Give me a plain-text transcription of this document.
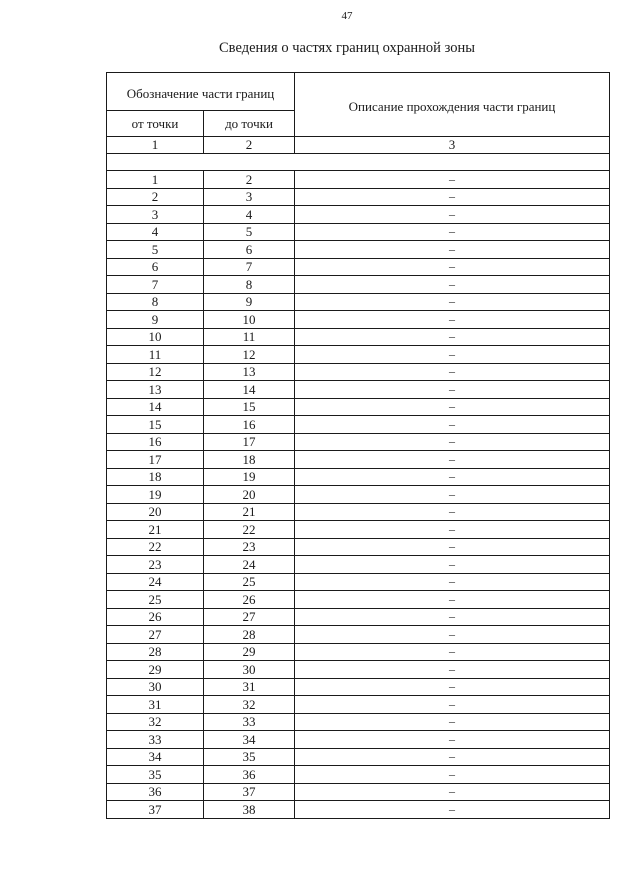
47
Сведения о частях границ охранной зоны
Обозначение части границ		Описание прохождения части границ

от точки	до точки	
1	2	3

1	2	–
2	3	–
3	4	–
4	5	–
5	6	–
6	7	–
7	8	–
8	9	–
9	10	–
10	11	–
11	12	–
12	13	–
13	14	–
14	15	–
15	16	–
16	17	–
17	18	–
18	19	–
19	20	–
20	21	–
21	22	–
22	23	–
23	24	–
24	25	–
25	26	–
26	27	–
27	28	–
28	29	–
29	30	–
30	31	–
31	32	–
32	33	–
33	34	–
34	35	–
35	36	–
36	37	–
37	38	–
